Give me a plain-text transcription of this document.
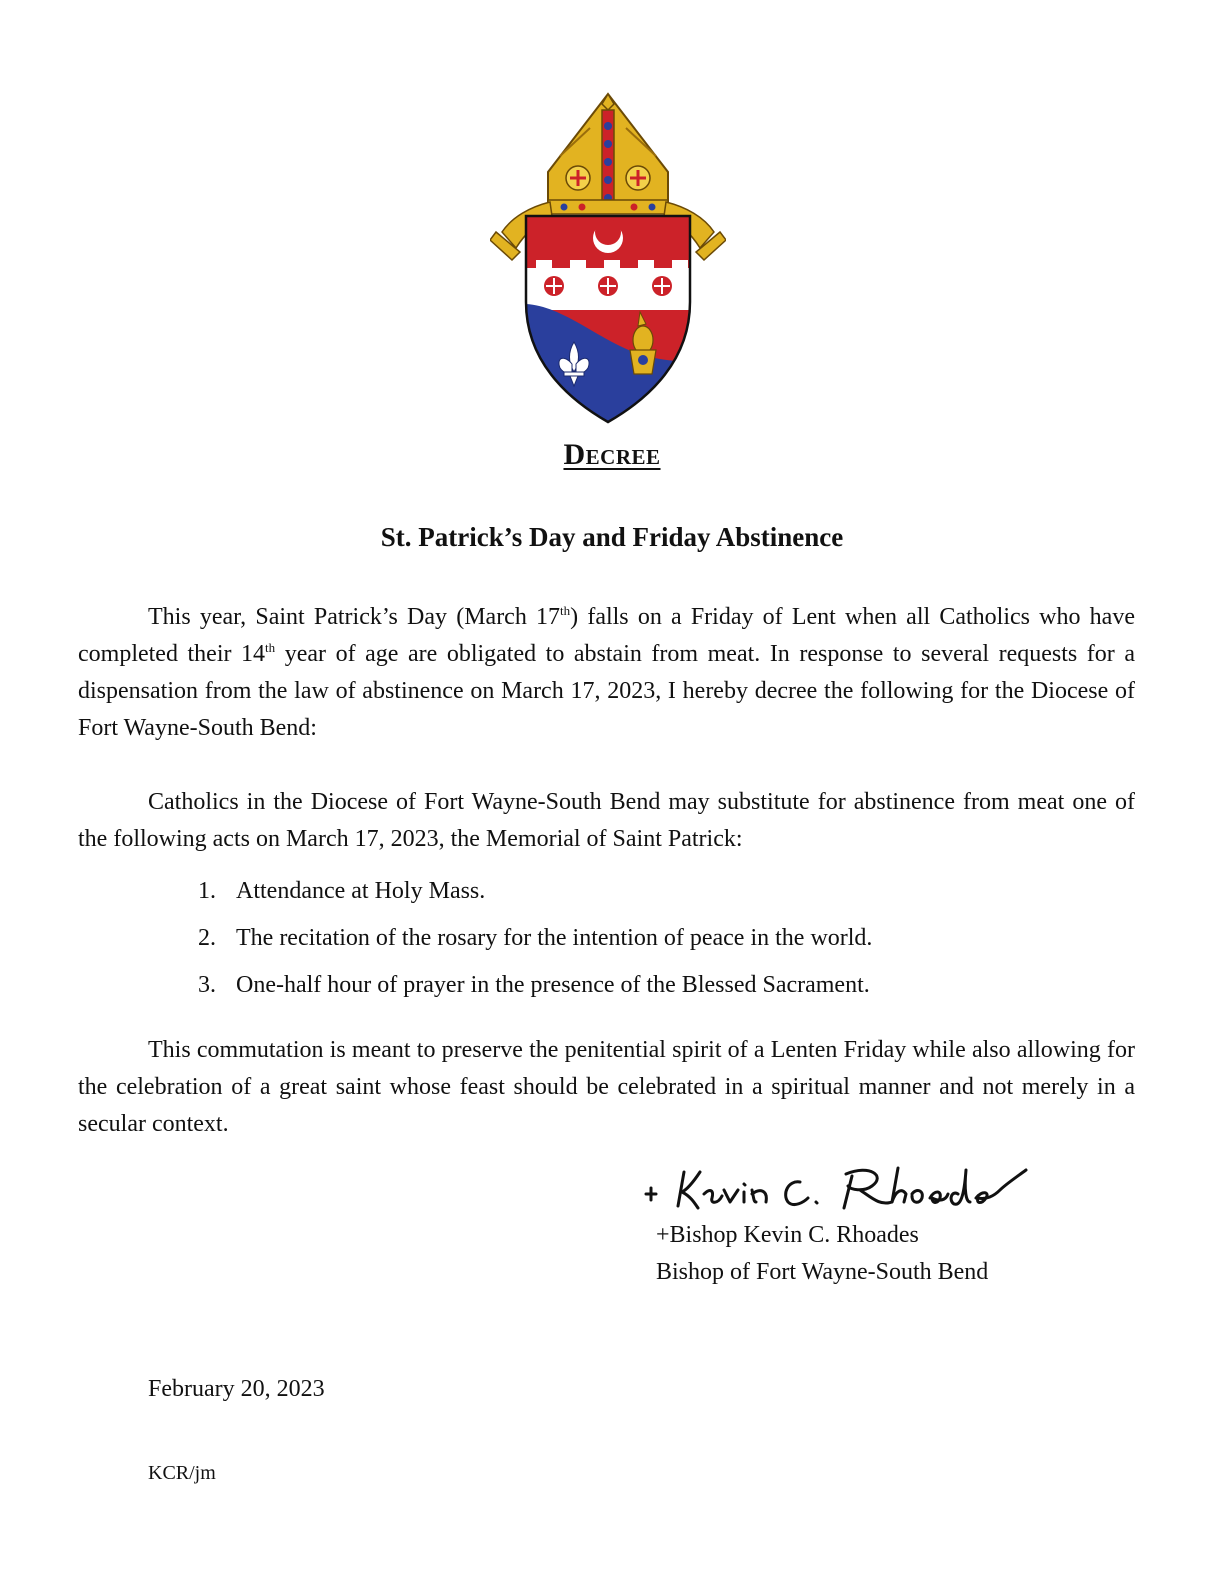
Decree
St. Patrick’s Day and Friday Abstinence

This year, Saint Patrick’s Day (March 17th) falls on a Friday of Lent when all Catholics who have completed their 14th year of age are obligated to abstain from meat. In response to several requests for a dispensation from the law of abstinence on March 17, 2023, I hereby decree the following for the Diocese of Fort Wayne-South Bend:

Catholics in the Diocese of Fort Wayne-South Bend may substitute for abstinence from meat one of the following acts on March 17, 2023, the Memorial of Saint Patrick:

1. Attendance at Holy Mass.
2. The recitation of the rosary for the intention of peace in the world.
3. One-half hour of prayer in the presence of the Blessed Sacrament.

This commutation is meant to preserve the penitential spirit of a Lenten Friday while also allowing for the celebration of a great saint whose feast should be celebrated in a spiritual manner and not merely in a secular context.

+Bishop Kevin C. Rhoades
Bishop of Fort Wayne-South Bend
February 20, 2023
KCR/jm
